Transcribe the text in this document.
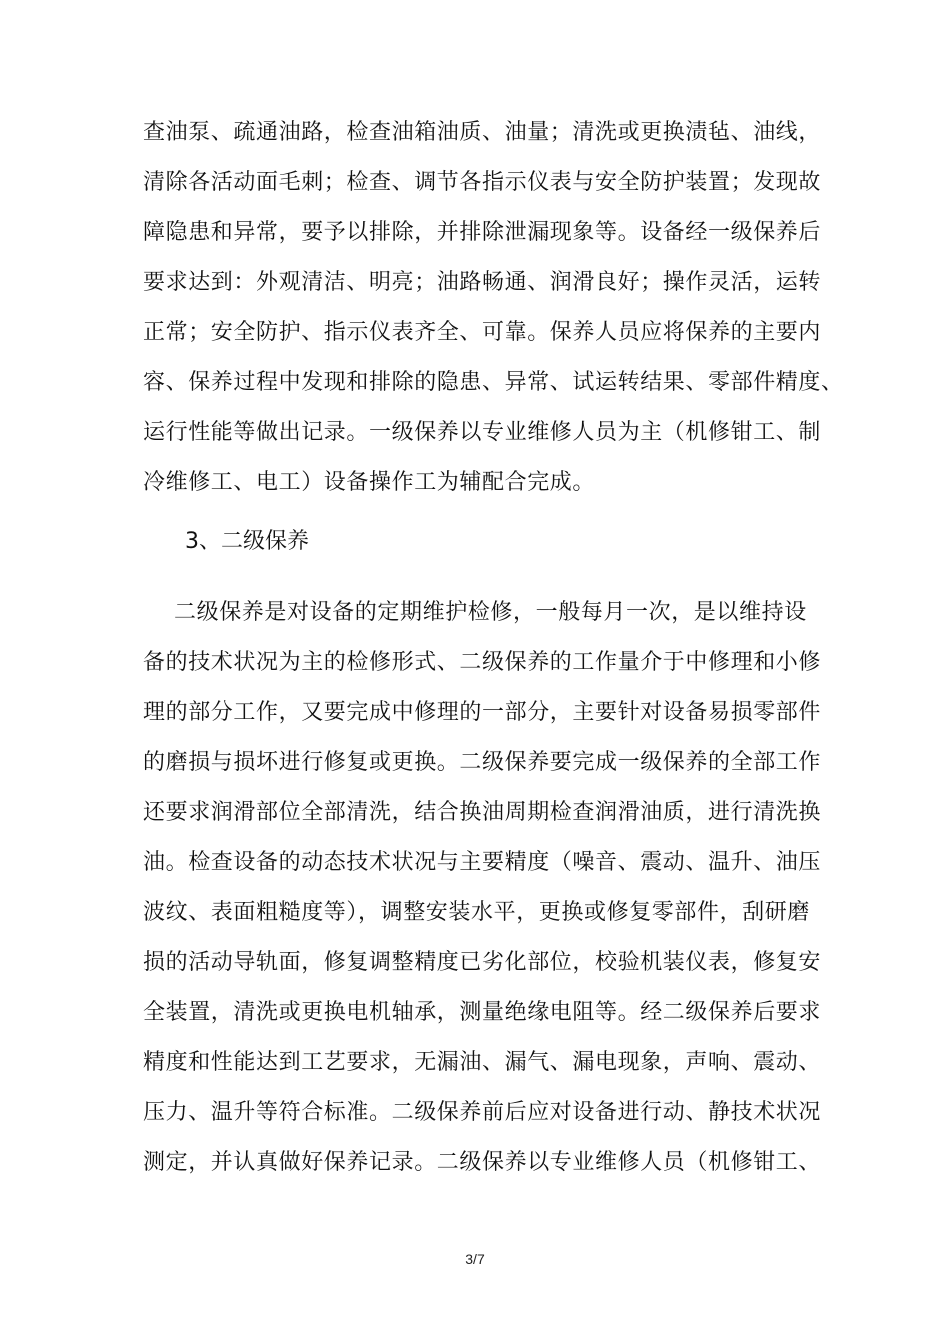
查油泵、疏通油路，检查油箱油质、油量；清洗或更换渍毡、油线，
清除各活动面毛刺；检查、调节各指示仪表与安全防护装置；发现故
障隐患和异常，要予以排除，并排除泄漏现象等。设备经一级保养后
要求达到：外观清洁、明亮；油路畅通、润滑良好；操作灵活，运转
正常；安全防护、指示仪表齐全、可靠。保养人员应将保养的主要内
容、保养过程中发现和排除的隐患、异常、试运转结果、零部件精度、
运行性能等做出记录。一级保养以专业维修人员为主（机修钳工、制
冷维修工、电工）设备操作工为辅配合完成。
3、二级保养
二级保养是对设备的定期维护检修，一般每月一次，是以维持设
备的技术状况为主的检修形式、二级保养的工作量介于中修理和小修
理的部分工作，又要完成中修理的一部分，主要针对设备易损零部件
的磨损与损坏进行修复或更换。二级保养要完成一级保养的全部工作
还要求润滑部位全部清洗，结合换油周期检查润滑油质，进行清洗换
油。检查设备的动态技术状况与主要精度（噪音、震动、温升、油压
波纹、表面粗糙度等），调整安装水平，更换或修复零部件，刮研磨
损的活动导轨面，修复调整精度已劣化部位，校验机装仪表，修复安
全装置，清洗或更换电机轴承，测量绝缘电阻等。经二级保养后要求
精度和性能达到工艺要求，无漏油、漏气、漏电现象，声响、震动、
压力、温升等符合标准。二级保养前后应对设备进行动、静技术状况
测定，并认真做好保养记录。二级保养以专业维修人员（机修钳工、
3/7
